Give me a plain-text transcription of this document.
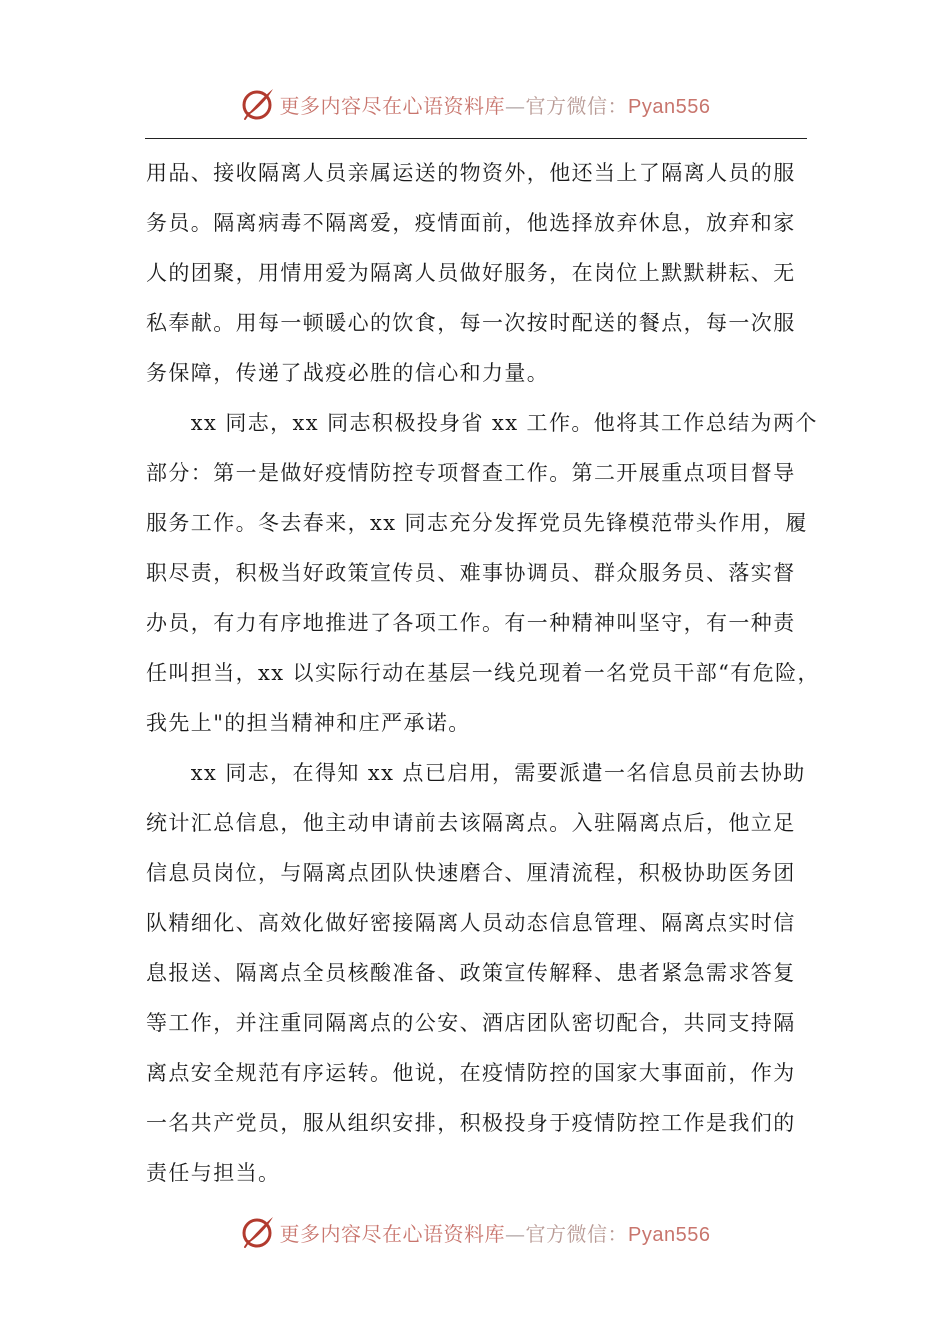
更多内容尽在心语资料库—官方微信：Pyan556
用品、接收隔离人员亲属运送的物资外，他还当上了隔离人员的服
务员。隔离病毒不隔离爱，疫情面前，他选择放弃休息，放弃和家
人的团聚，用情用爱为隔离人员做好服务，在岗位上默默耕耘、无
私奉献。用每一顿暖心的饮食，每一次按时配送的餐点，每一次服
务保障，传递了战疫必胜的信心和力量。
　　xx 同志，xx 同志积极投身省 xx 工作。他将其工作总结为两个
部分：第一是做好疫情防控专项督查工作。第二开展重点项目督导
服务工作。冬去春来，xx 同志充分发挥党员先锋模范带头作用，履
职尽责，积极当好政策宣传员、难事协调员、群众服务员、落实督
办员，有力有序地推进了各项工作。有一种精神叫坚守，有一种责
任叫担当，xx 以实际行动在基层一线兑现着一名党员干部“有危险，
我先上"的担当精神和庄严承诺。
　　xx 同志，在得知 xx 点已启用，需要派遣一名信息员前去协助
统计汇总信息，他主动申请前去该隔离点。入驻隔离点后，他立足
信息员岗位，与隔离点团队快速磨合、厘清流程，积极协助医务团
队精细化、高效化做好密接隔离人员动态信息管理、隔离点实时信
息报送、隔离点全员核酸准备、政策宣传解释、患者紧急需求答复
等工作，并注重同隔离点的公安、酒店团队密切配合，共同支持隔
离点安全规范有序运转。他说，在疫情防控的国家大事面前，作为
一名共产党员，服从组织安排，积极投身于疫情防控工作是我们的
责任与担当。
更多内容尽在心语资料库—官方微信：Pyan556
